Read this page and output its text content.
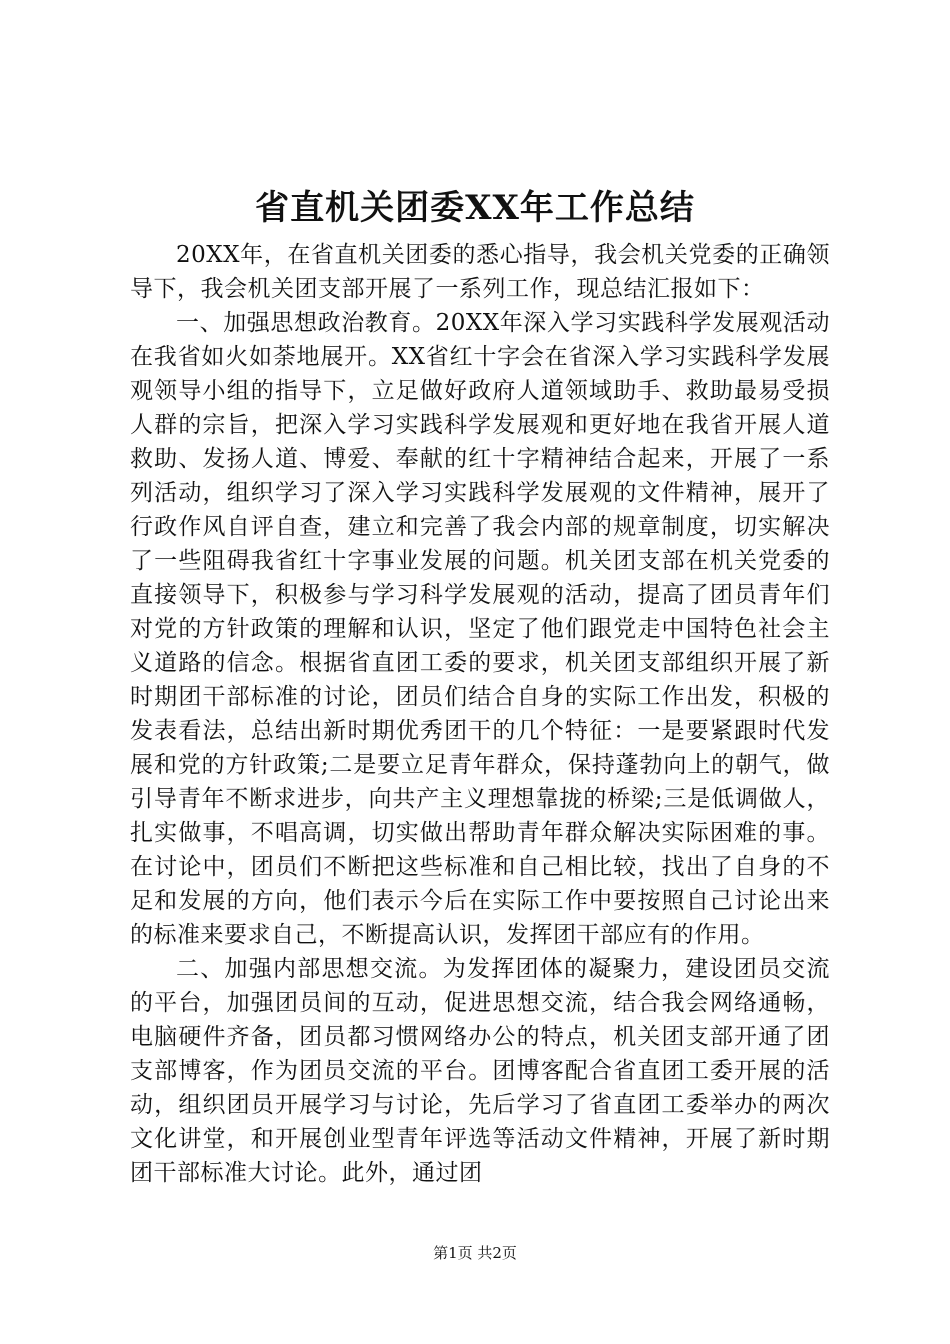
省直机关团委XX年工作总结

20XX年，在省直机关团委的悉心指导，我会机关党委的正确领导下，我会机关团支部开展了一系列工作，现总结汇报如下：

一、加强思想政治教育。20XX年深入学习实践科学发展观活动在我省如火如荼地展开。XX省红十字会在省深入学习实践科学发展观领导小组的指导下，立足做好政府人道领域助手、救助最易受损人群的宗旨，把深入学习实践科学发展观和更好地在我省开展人道救助、发扬人道、博爱、奉献的红十字精神结合起来，开展了一系列活动，组织学习了深入学习实践科学发展观的文件精神，展开了行政作风自评自查，建立和完善了我会内部的规章制度，切实解决了一些阻碍我省红十字事业发展的问题。机关团支部在机关党委的直接领导下，积极参与学习科学发展观的活动，提高了团员青年们对党的方针政策的理解和认识，坚定了他们跟党走中国特色社会主义道路的信念。根据省直团工委的要求，机关团支部组织开展了新时期团干部标准的讨论，团员们结合自身的实际工作出发，积极的发表看法，总结出新时期优秀团干的几个特征：一是要紧跟时代发展和党的方针政策;二是要立足青年群众，保持蓬勃向上的朝气，做引导青年不断求进步，向共产主义理想靠拢的桥梁;三是低调做人，扎实做事，不唱高调，切实做出帮助青年群众解决实际困难的事。在讨论中，团员们不断把这些标准和自己相比较，找出了自身的不足和发展的方向，他们表示今后在实际工作中要按照自己讨论出来的标准来要求自己，不断提高认识，发挥团干部应有的作用。

二、加强内部思想交流。为发挥团体的凝聚力，建设团员交流的平台，加强团员间的互动，促进思想交流，结合我会网络通畅，电脑硬件齐备，团员都习惯网络办公的特点，机关团支部开通了团支部博客，作为团员交流的平台。团博客配合省直团工委开展的活动，组织团员开展学习与讨论，先后学习了省直团工委举办的两次文化讲堂，和开展创业型青年评选等活动文件精神，开展了新时期团干部标准大讨论。此外，通过团

第1页 共2页
